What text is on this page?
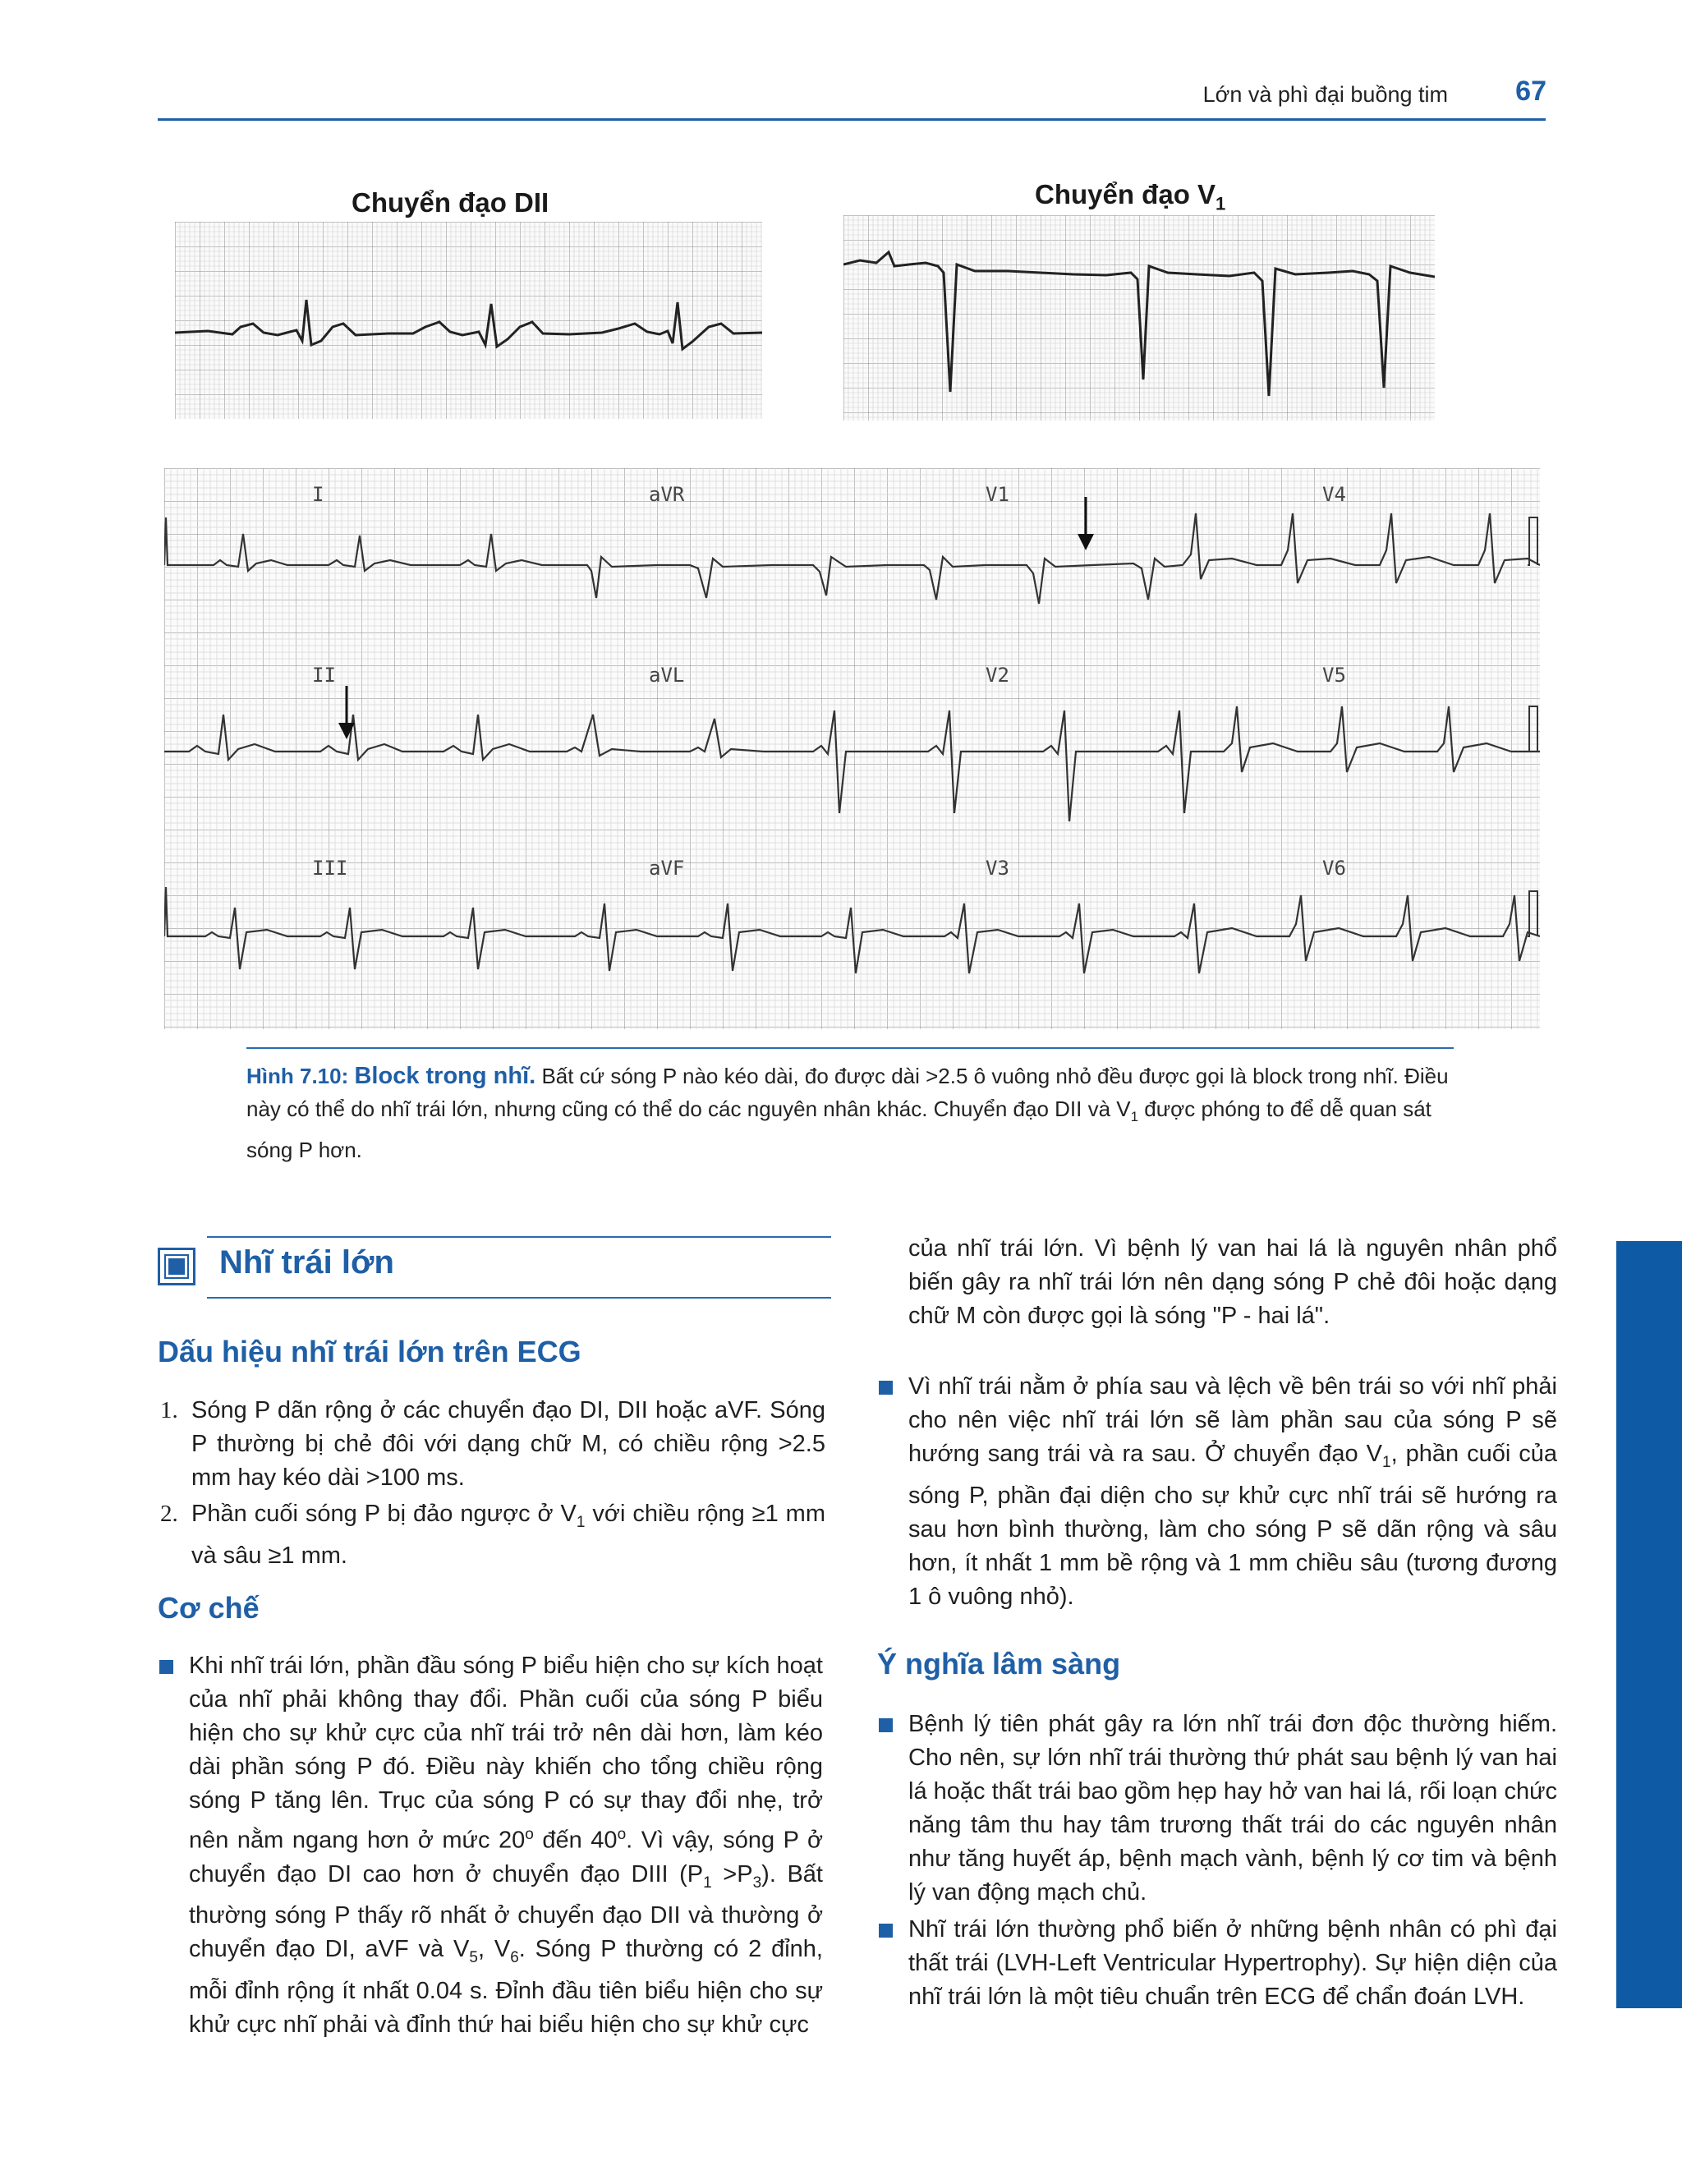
Lớn và phì đại buồng tim 67
Chuyển đạo DII	Chuyển đạo $V_1$
I	aVR	V1	V4
II	aVL	V2	V5
III	aVF	V3	V6
Hình 7.10: Block trong nhĩ. Bất cứ sóng P nào kéo dài, đo được dài >2.5 ô vuông nhỏ đều được gọi là block trong nhĩ. Điều này có thể do nhĩ trái lớn, nhưng cũng có thể do các nguyên nhân khác. Chuyển đạo DII và $V_1$ được phóng to để dễ quan sát sóng P hơn.
Nhĩ trái lớn
Dấu hiệu nhĩ trái lớn trên ECG
1. Sóng P dãn rộng ở các chuyển đạo DI, DII hoặc aVF. Sóng P thường bị chẻ đôi với dạng chữ M, có chiều rộng >2.5 mm hay kéo dài >100 ms.
2. Phần cuối sóng P bị đảo ngược ở $V_1$ với chiều rộng ≥1 mm và sâu ≥1 mm.
Cơ chế
Khi nhĩ trái lớn, phần đầu sóng P biểu hiện cho sự kích hoạt của nhĩ phải không thay đổi. Phần cuối của sóng P biểu hiện cho sự khử cực của nhĩ trái trở nên dài hơn, làm kéo dài phần sóng P đó. Điều này khiến cho tổng chiều rộng sóng P tăng lên. Trục của sóng P có sự thay đổi nhẹ, trở nên nằm ngang hơn ở mức 20$^o$ đến 40$^o$. Vì vậy, sóng P ở chuyển đạo DI cao hơn ở chuyển đạo DIII $(P_1 >P_3)$. Bất thường sóng P thấy rõ nhất ở chuyển đạo DII và thường ở chuyển đạo DI, aVF và $V_5$, $V_6$. Sóng P thường có 2 đỉnh, mỗi đỉnh rộng ít nhất 0.04 s. Đỉnh đầu tiên biểu hiện cho sự khử cực nhĩ phải và đỉnh thứ hai biểu hiện cho sự khử cực
của nhĩ trái lớn. Vì bệnh lý van hai lá là nguyên nhân phổ biến gây ra nhĩ trái lớn nên dạng sóng P chẻ đôi hoặc dạng chữ M còn được gọi là sóng "P - hai lá".
Vì nhĩ trái nằm ở phía sau và lệch về bên trái so với nhĩ phải cho nên việc nhĩ trái lớn sẽ làm phần sau của sóng P sẽ hướng sang trái và ra sau. Ở chuyển đạo $V_1$, phần cuối của sóng P, phần đại diện cho sự khử cực nhĩ trái sẽ hướng ra sau hơn bình thường, làm cho sóng P sẽ dãn rộng và sâu hơn, ít nhất 1 mm bề rộng và 1 mm chiều sâu (tương đương 1 ô vuông nhỏ).
Ý nghĩa lâm sàng
Bệnh lý tiên phát gây ra lớn nhĩ trái đơn độc thường hiếm. Cho nên, sự lớn nhĩ trái thường thứ phát sau bệnh lý van hai lá hoặc thất trái bao gồm hẹp hay hở van hai lá, rối loạn chức năng tâm thu hay tâm trương thất trái do các nguyên nhân như tăng huyết áp, bệnh mạch vành, bệnh lý cơ tim và bệnh lý van động mạch chủ.
Nhĩ trái lớn thường phổ biến ở những bệnh nhân có phì đại thất trái (LVH-Left Ventricular Hypertrophy). Sự hiện diện của nhĩ trái lớn là một tiêu chuẩn trên ECG để chẩn đoán LVH.
